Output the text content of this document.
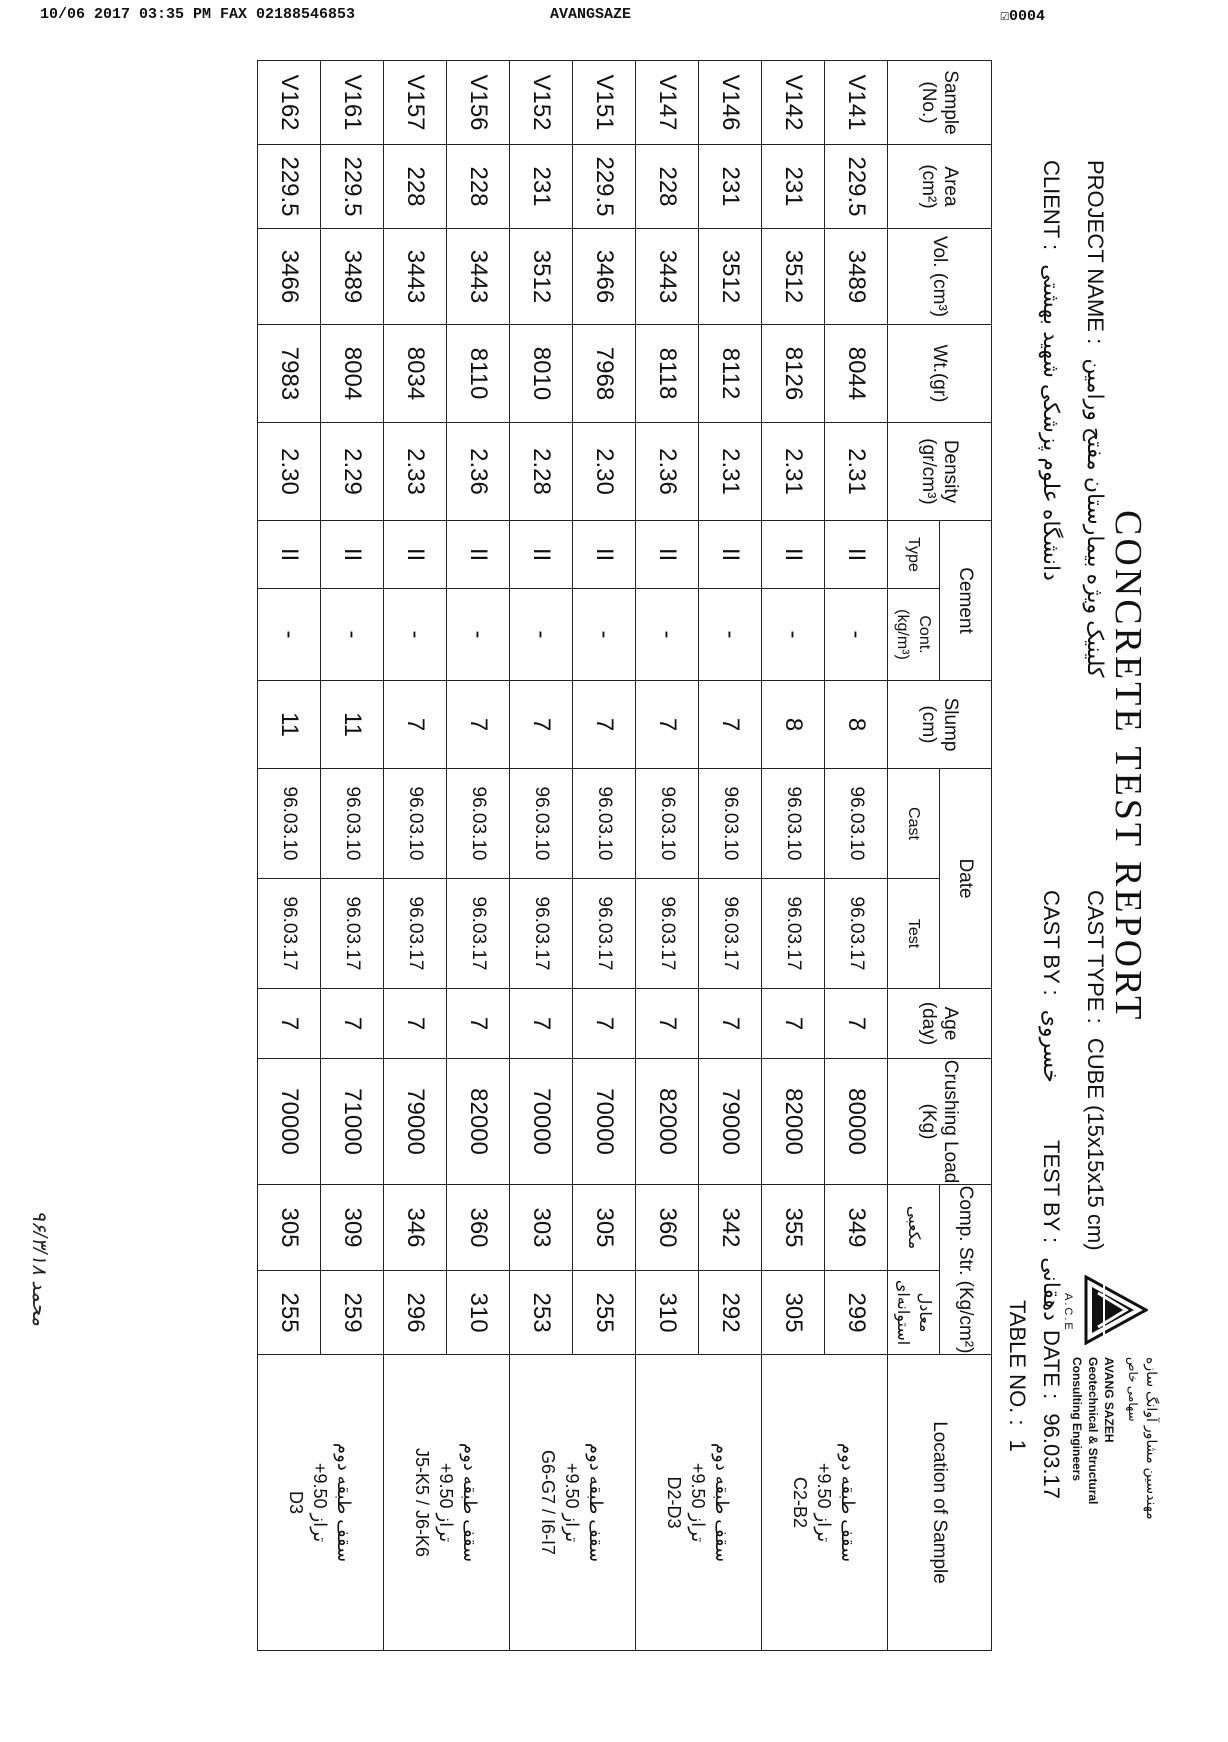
10/06 2017 03:35 PM FAX 02188546853	AVANGSAZE	☑0004
CONCRETE TEST REPORT
PROJECT NAME : کلینیک ویژه بیمارستان مفتح ورامین
CLIENT : دانشگاه علوم پزشکی شهید بهشتی
CAST TYPE : CUBE (15x15x15 cm)
CAST BY : خسروی
TEST BY : دهقانی
TABLE NO. : 1
DATE : 96.03.17
A.C.E
مهندسین مشاور آوانگ سازه
سهامی خاص
AVANG SAZEH
Geotechnical & Structural
Consulting Engineers
Sample (No.)	Area (cm²)	Vol. (cm³)	Wt.(gr)	Density (gr/cm³)	Cement		Slump (cm)	Date		Age (day)	Crushing Load (Kg)	Comp. Str. (Kg/cm²)		Location of Sample
					Type	Cont. (kg/m³)		Cast	Test			مکعبی	معادل استوانه‌ای	
V141	229.5	3489	8044	2.31	II	-	8	96.03.10	96.03.17	7	80000	349	299	سقف طبقه دوم
تراز 9.50+
C2-B2

V142	231	3512	8126	2.31	II	-	8	96.03.10	96.03.17	7	82000	355	305	
V146	231	3512	8112	2.31	II	-	7	96.03.10	96.03.17	7	79000	342	292	سقف طبقه دوم
تراز 9.50+
D2-D3

V147	228	3443	8118	2.36	II	-	7	96.03.10	96.03.17	7	82000	360	310	
V151	229.5	3466	7968	2.30	II	-	7	96.03.10	96.03.17	7	70000	305	255	سقف طبقه دوم
تراز 9.50+
G6-G7 / I6-I7

V152	231	3512	8010	2.28	II	-	7	96.03.10	96.03.17	7	70000	303	253	
V156	228	3443	8110	2.36	II	-	7	96.03.10	96.03.17	7	82000	360	310	سقف طبقه دوم
تراز 9.50+
J5-K5 / J6-K6

V157	228	3443	8034	2.33	II	-	7	96.03.10	96.03.17	7	79000	346	296	
V161	229.5	3489	8004	2.29	II	-	11	96.03.10	96.03.17	7	71000	309	259	سقف طبقه دوم
تراز 9.50+
D3

V162	229.5	3466	7983	2.30	II	-	11	96.03.10	96.03.17	7	70000	305	255	
محمد ۹۶/۳/۱۸
